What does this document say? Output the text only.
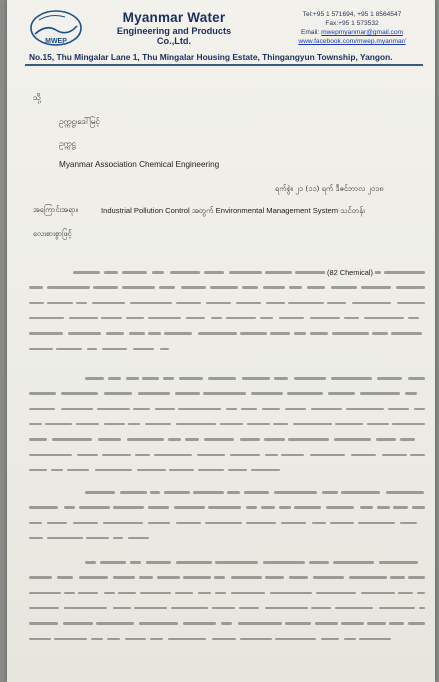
MWEP
Myanmar Water
Engineering and Products Co.,Ltd.
Tel:+95 1 571694, +95 1 8564547
Fax:+95 1 573532
Email: mwepmyanmar@gmail.com
www.facebook.com/mwep.myanmar/
No.15, Thu Mingalar Lane 1, Thu Mingalar Housing Estate, Thingangyun Township, Yangon.
သို့
ဥက္ကဋ္ဌ၊ဒေါ်မြင့်
ဥက္ကဋ္ဌ
Myanmar Association Chemical Engineering
ရက်စွဲ။ ၂၁ (၁၁) ရက် ဒီဇင်ဘာလ ၂၀၁၈
အကြောင်းအရာ။	Industrial Pollution Control အတွက် Environmental Management System သင်တန်း
လေးစားစွာဖြင့်
(82 Chemical)
